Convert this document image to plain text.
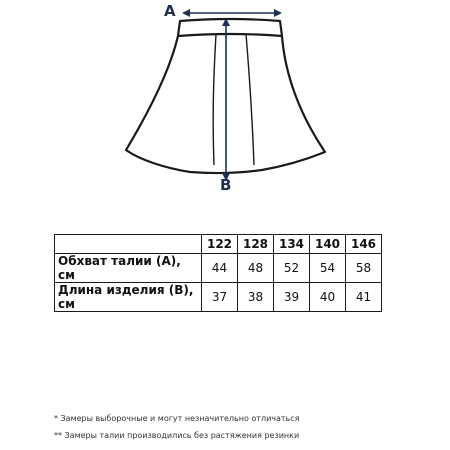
A
B
	122	128	134	140	146
Обхват талии (A), см	44	48	52	54	58
Длина изделия (B), см	37	38	39	40	41
* Замеры выборочные и могут незначительно отличаться
** Замеры талии производились без растяжения резинки
